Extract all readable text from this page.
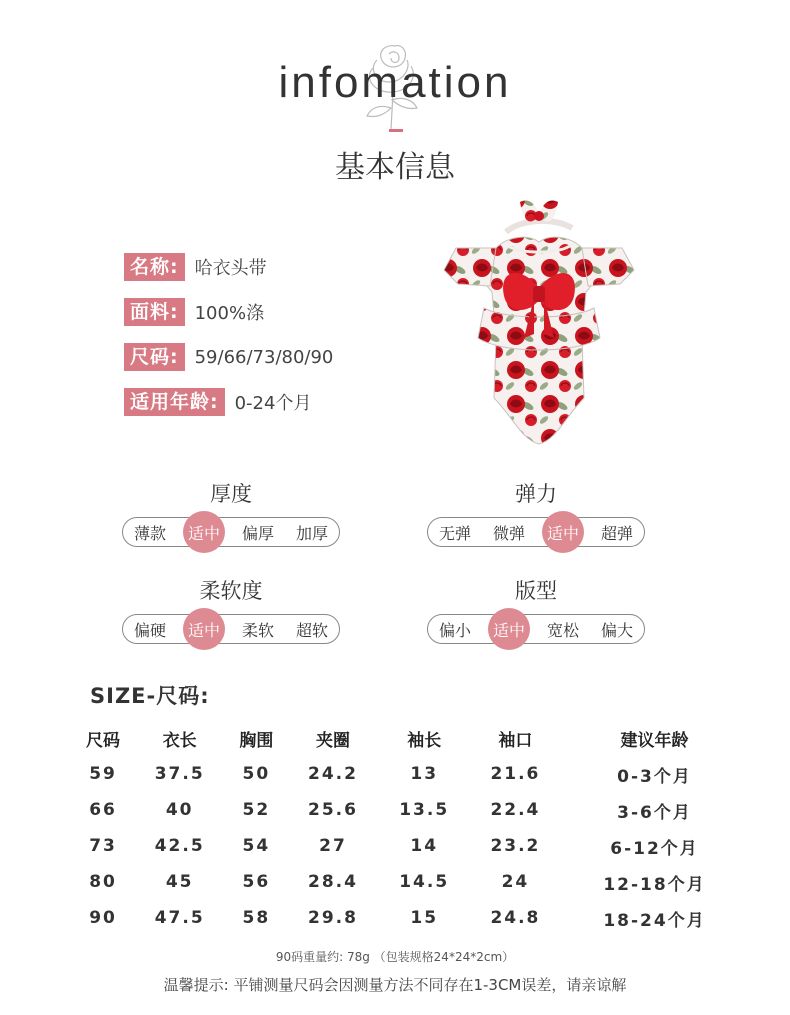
infomation
基本信息
名称: 哈衣头带
面料: 100%涤
尺码: 59/66/73/80/90
适用年龄: 0-24个月
厚度
薄款	适中	偏厚	加厚
弹力
无弹	微弹	适中	超弹
柔软度
偏硬	适中	柔软	超软
版型
偏小	适中	宽松	偏大
SIZE-尺码:
尺码	衣长	胸围	夹圈	袖长	袖口	建议年龄
59	37.5	50	24.2	13	21.6	0-3个月
66	40	52	25.6	13.5	22.4	3-6个月
73	42.5	54	27	14	23.2	6-12个月
80	45	56	28.4	14.5	24	12-18个月
90	47.5	58	29.8	15	24.8	18-24个月
90码重量约: 78g （包装规格24*24*2cm）
温馨提示: 平铺测量尺码会因测量方法不同存在1-3CM误差，请亲谅解
